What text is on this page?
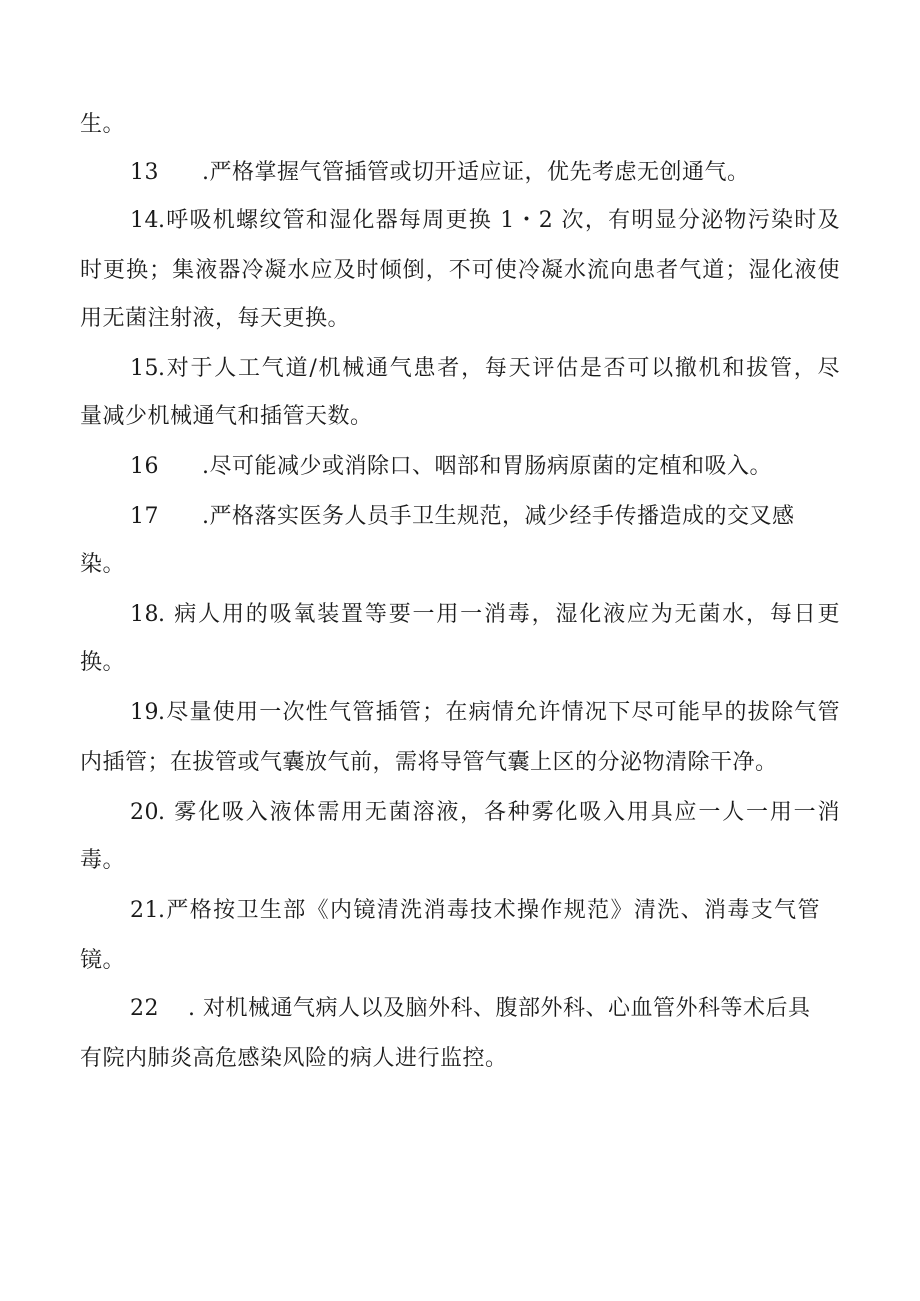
生。
13 .严格掌握气管插管或切开适应证，优先考虑无创通气。
14.呼吸机螺纹管和湿化器每周更换 1・2 次，有明显分泌物污染时及
时更换；集液器冷凝水应及时倾倒，不可使冷凝水流向患者气道；湿化液使
用无菌注射液，每天更换。
15.对于人工气道/机械通气患者，每天评估是否可以撤机和拔管，尽
量减少机械通气和插管天数。
16 .尽可能减少或消除口、咽部和胃肠病原菌的定植和吸入。
17 .严格落实医务人员手卫生规范，减少经手传播造成的交叉感
染。
18. 病人用的吸氧装置等要一用一消毒，湿化液应为无菌水，每日更
换。
19.尽量使用一次性气管插管；在病情允许情况下尽可能早的拔除气管
内插管；在拔管或气囊放气前，需将导管气囊上区的分泌物清除干净。
20. 雾化吸入液体需用无菌溶液，各种雾化吸入用具应一人一用一消
毒。
21.严格按卫生部《内镜清洗消毒技术操作规范》清洗、消毒支气管
镜。
22 . 对机械通气病人以及脑外科、腹部外科、心血管外科等术后具
有院内肺炎高危感染风险的病人进行监控。
